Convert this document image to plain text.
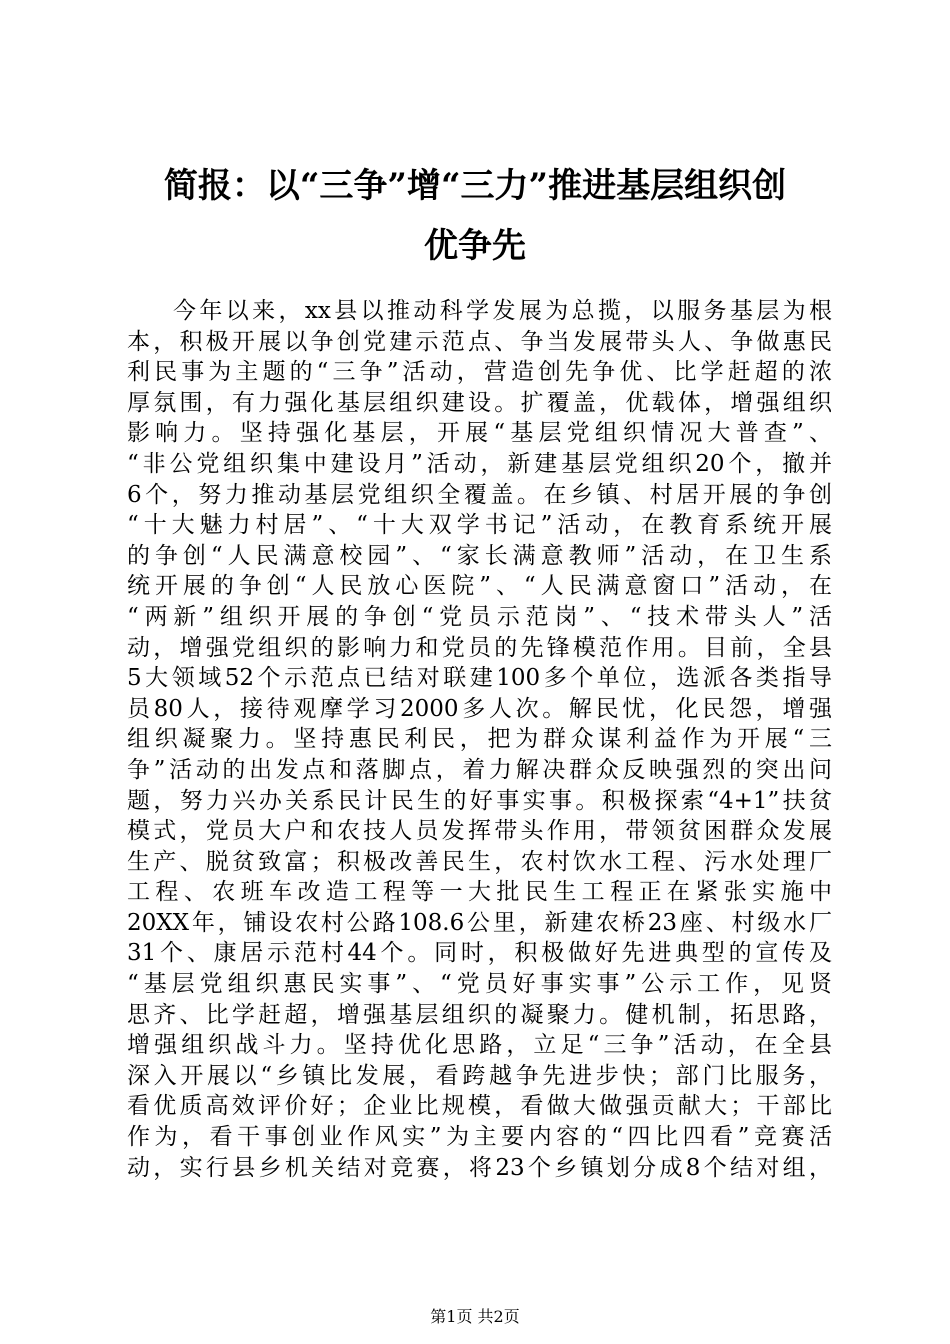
简报：以“三争”增“三力”推进基层组织创
优争先
今年以来，xx县以推动科学发展为总揽，以服务基层为根
本，积极开展以争创党建示范点、争当发展带头人、争做惠民
利民事为主题的“三争”活动，营造创先争优、比学赶超的浓
厚氛围，有力强化基层组织建设。扩覆盖，优载体，增强组织
影响力。坚持强化基层，开展“基层党组织情况大普查”、
“非公党组织集中建设月”活动，新建基层党组织20个，撤并
6个，努力推动基层党组织全覆盖。在乡镇、村居开展的争创
“十大魅力村居”、“十大双学书记”活动，在教育系统开展
的争创“人民满意校园”、“家长满意教师”活动，在卫生系
统开展的争创“人民放心医院”、“人民满意窗口”活动，在
“两新”组织开展的争创“党员示范岗”、“技术带头人”活
动，增强党组织的影响力和党员的先锋模范作用。目前，全县
5大领域52个示范点已结对联建100多个单位，选派各类指导
员80人，接待观摩学习2000多人次。解民忧，化民怨，增强
组织凝聚力。坚持惠民利民，把为群众谋利益作为开展“三
争”活动的出发点和落脚点，着力解决群众反映强烈的突出问
题，努力兴办关系民计民生的好事实事。积极探索“4+1”扶贫
模式，党员大户和农技人员发挥带头作用，带领贫困群众发展
生产、脱贫致富；积极改善民生，农村饮水工程、污水处理厂
工程、农班车改造工程等一大批民生工程正在紧张实施中
20XX年，铺设农村公路108.6公里，新建农桥23座、村级水厂
31个、康居示范村44个。同时，积极做好先进典型的宣传及
“基层党组织惠民实事”、“党员好事实事”公示工作，见贤
思齐、比学赶超，增强基层组织的凝聚力。健机制，拓思路，
增强组织战斗力。坚持优化思路，立足“三争”活动，在全县
深入开展以“乡镇比发展，看跨越争先进步快；部门比服务，
看优质高效评价好；企业比规模，看做大做强贡献大；干部比
作为，看干事创业作风实”为主要内容的“四比四看”竞赛活
动，实行县乡机关结对竞赛，将23个乡镇划分成8个结对组，
第1页 共2页
